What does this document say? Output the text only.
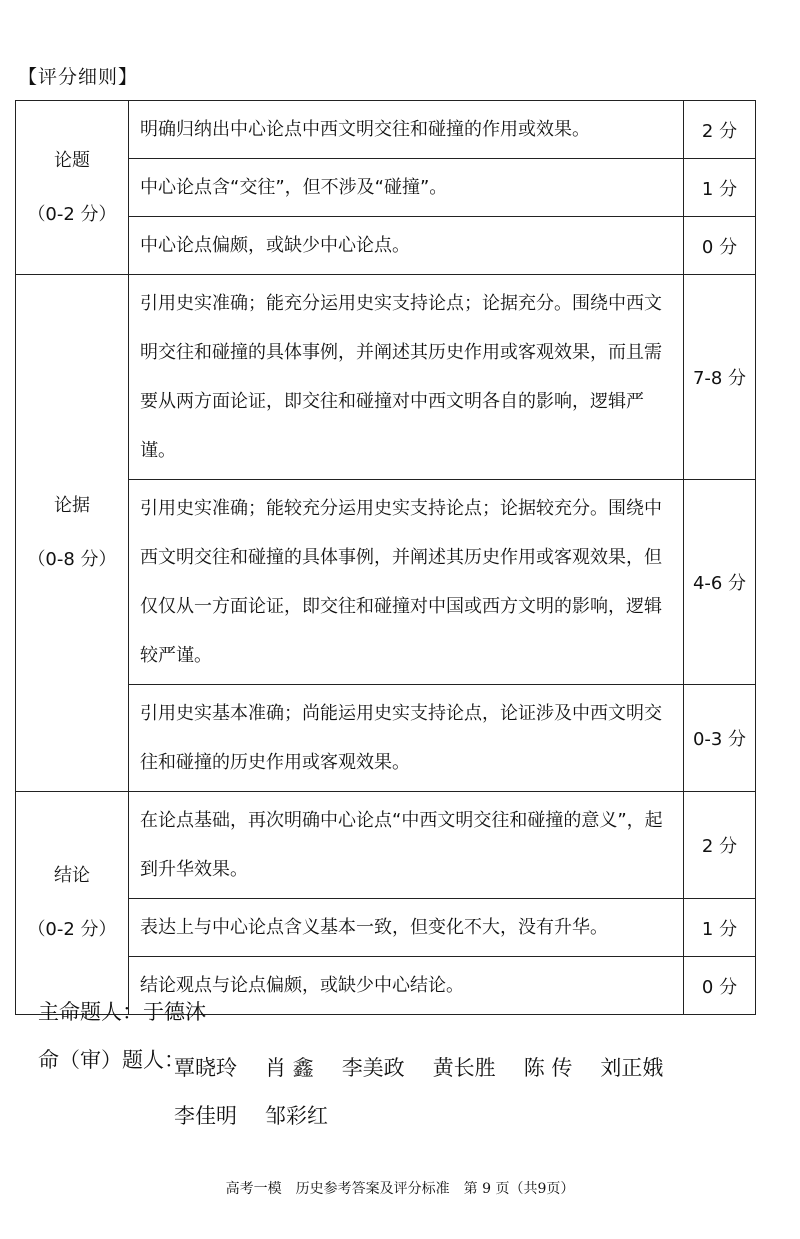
【评分细则】
论题
（0-2 分）	明确归纳出中心论点中西文明交往和碰撞的作用或效果。	2 分
	中心论点含“交往”，但不涉及“碰撞”。	1 分
	中心论点偏颇，或缺少中心论点。	0 分

论据
（0-8 分）	引用史实准确；能充分运用史实支持论点；论据充分。围绕中西文明交往和碰撞的具体事例，并阐述其历史作用或客观效果，而且需要从两方面论证，即交往和碰撞对中西文明各自的影响，逻辑严谨。	7-8 分
	引用史实准确；能较充分运用史实支持论点；论据较充分。围绕中西文明交往和碰撞的具体事例，并阐述其历史作用或客观效果，但仅仅从一方面论证，即交往和碰撞对中国或西方文明的影响，逻辑较严谨。	4-6 分
	引用史实基本准确；尚能运用史实支持论点，论证涉及中西文明交往和碰撞的历史作用或客观效果。	0-3 分

结论
（0-2 分）	在论点基础，再次明确中心论点“中西文明交往和碰撞的意义”，起到升华效果。	2 分
	表达上与中心论点含义基本一致，但变化不大，没有升华。	1 分
	结论观点与论点偏颇，或缺少中心结论。	0 分
主命题人：于德沐
命（审）题人：
覃晓玲 肖 鑫 李美政 黄长胜 陈 传 刘正娥李佳明 邹彩红
高考一模　历史参考答案及评分标准　第 9 页（共9页）
